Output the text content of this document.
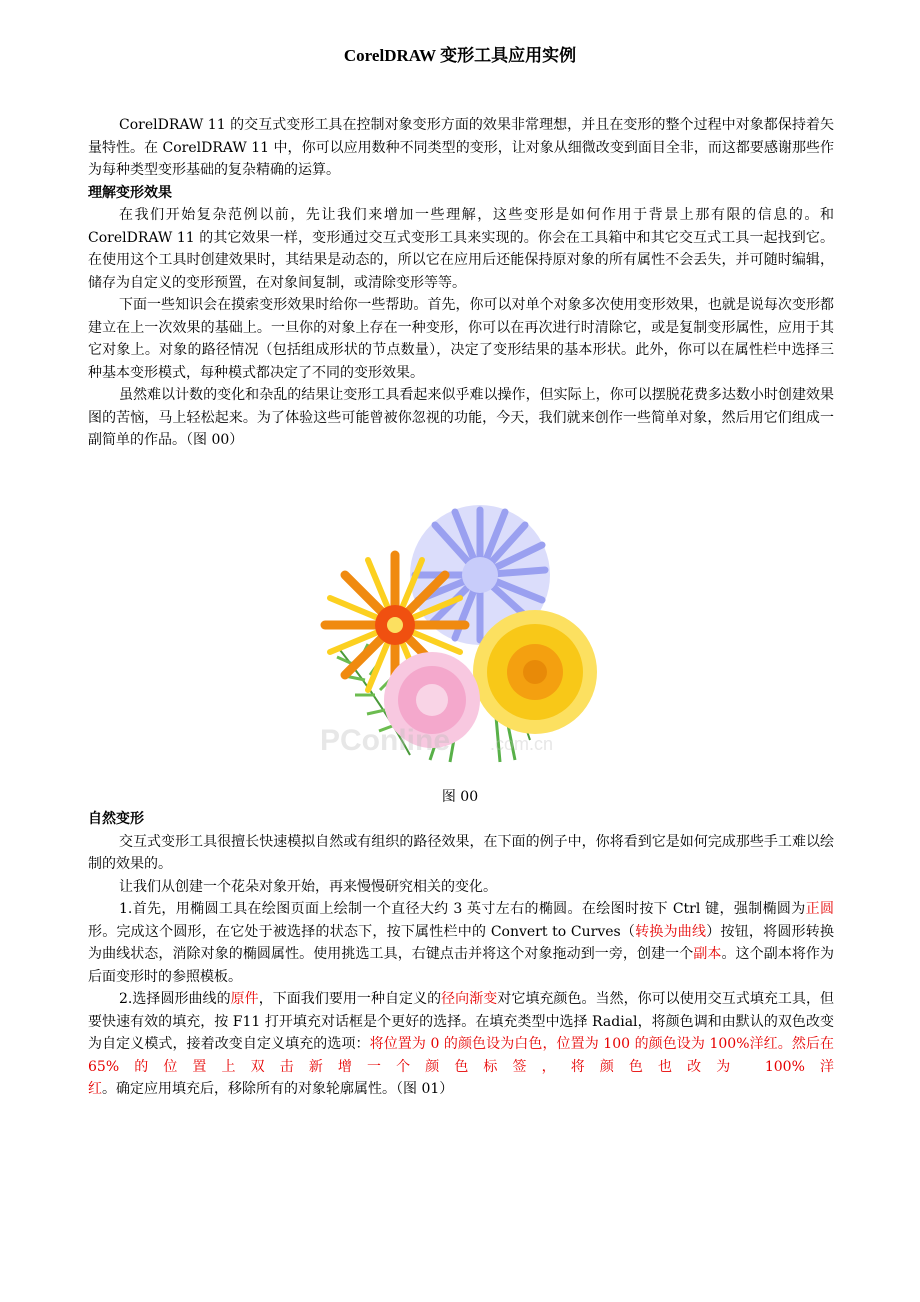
CorelDRAW 变形工具应用实例

CorelDRAW 11 的交互式变形工具在控制对象变形方面的效果非常理想，并且在变形的整个过程中对象都保持着矢量特性。在 CorelDRAW 11 中，你可以应用数种不同类型的变形，让对象从细微改变到面目全非，而这都要感谢那些作为每种类型变形基础的复杂精确的运算。

理解变形效果

在我们开始复杂范例以前，先让我们来增加一些理解，这些变形是如何作用于背景上那有限的信息的。和 CorelDRAW 11 的其它效果一样，变形通过交互式变形工具来实现的。你会在工具箱中和其它交互式工具一起找到它。在使用这个工具时创建效果时，其结果是动态的，所以它在应用后还能保持原对象的所有属性不会丢失，并可随时编辑，储存为自定义的变形预置，在对象间复制，或清除变形等等。

下面一些知识会在摸索变形效果时给你一些帮助。首先，你可以对单个对象多次使用变形效果，也就是说每次变形都建立在上一次效果的基础上。一旦你的对象上存在一种变形，你可以在再次进行时清除它，或是复制变形属性，应用于其它对象上。对象的路径情况（包括组成形状的节点数量），决定了变形结果的基本形状。此外，你可以在属性栏中选择三种基本变形模式，每种模式都决定了不同的变形效果。

虽然难以计数的变化和杂乱的结果让变形工具看起来似乎难以操作，但实际上，你可以摆脱花费多达数小时创建效果图的苦恼，马上轻松起来。为了体验这些可能曾被你忽视的功能，今天，我们就来创作一些简单对象，然后用它们组成一副简单的作品。（图 00）

PConline .com.cn
图 00
自然变形

交互式变形工具很擅长快速模拟自然或有组织的路径效果，在下面的例子中，你将看到它是如何完成那些手工难以绘制的效果的。

让我们从创建一个花朵对象开始，再来慢慢研究相关的变化。

1.首先，用椭圆工具在绘图页面上绘制一个直径大约 3 英寸左右的椭圆。在绘图时按下 Ctrl 键，强制椭圆为正圆形。完成这个圆形，在它处于被选择的状态下，按下属性栏中的 Convert to Curves（转换为曲线）按钮，将圆形转换为曲线状态，消除对象的椭圆属性。使用挑选工具，右键点击并将这个对象拖动到一旁，创建一个副本。这个副本将作为后面变形时的参照模板。

2.选择圆形曲线的原件，下面我们要用一种自定义的径向渐变对它填充颜色。当然，你可以使用交互式填充工具，但要快速有效的填充，按 F11 打开填充对话框是个更好的选择。在填充类型中选择 Radial，将颜色调和由默认的双色改变为自定义模式，接着改变自定义填充的选项：将位置为 0 的颜色设为白色，位置为 100 的颜色设为 100%洋红。然后在 65%的位置上双击新增一个颜色标签，将颜色也改为 100%洋红。确定应用填充后，移除所有的对象轮廓属性。（图 01）
